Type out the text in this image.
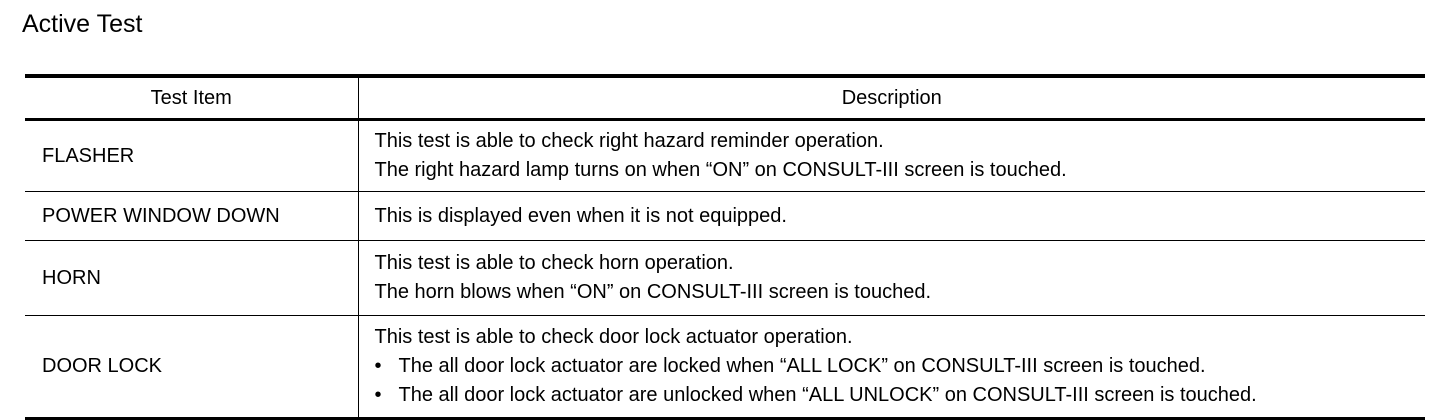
Active Test
Test Item	Description
FLASHER	This test is able to check right hazard reminder operation.
The right hazard lamp turns on when “ON” on CONSULT-III screen is touched.

POWER WINDOW DOWN	This is displayed even when it is not equipped.

HORN	This test is able to check horn operation.
The horn blows when “ON” on CONSULT-III screen is touched.

DOOR LOCK	This test is able to check door lock actuator operation.
• The all door lock actuator are locked when “ALL LOCK” on CONSULT-III screen is touched.
• The all door lock actuator are unlocked when “ALL UNLOCK” on CONSULT-III screen is touched.
